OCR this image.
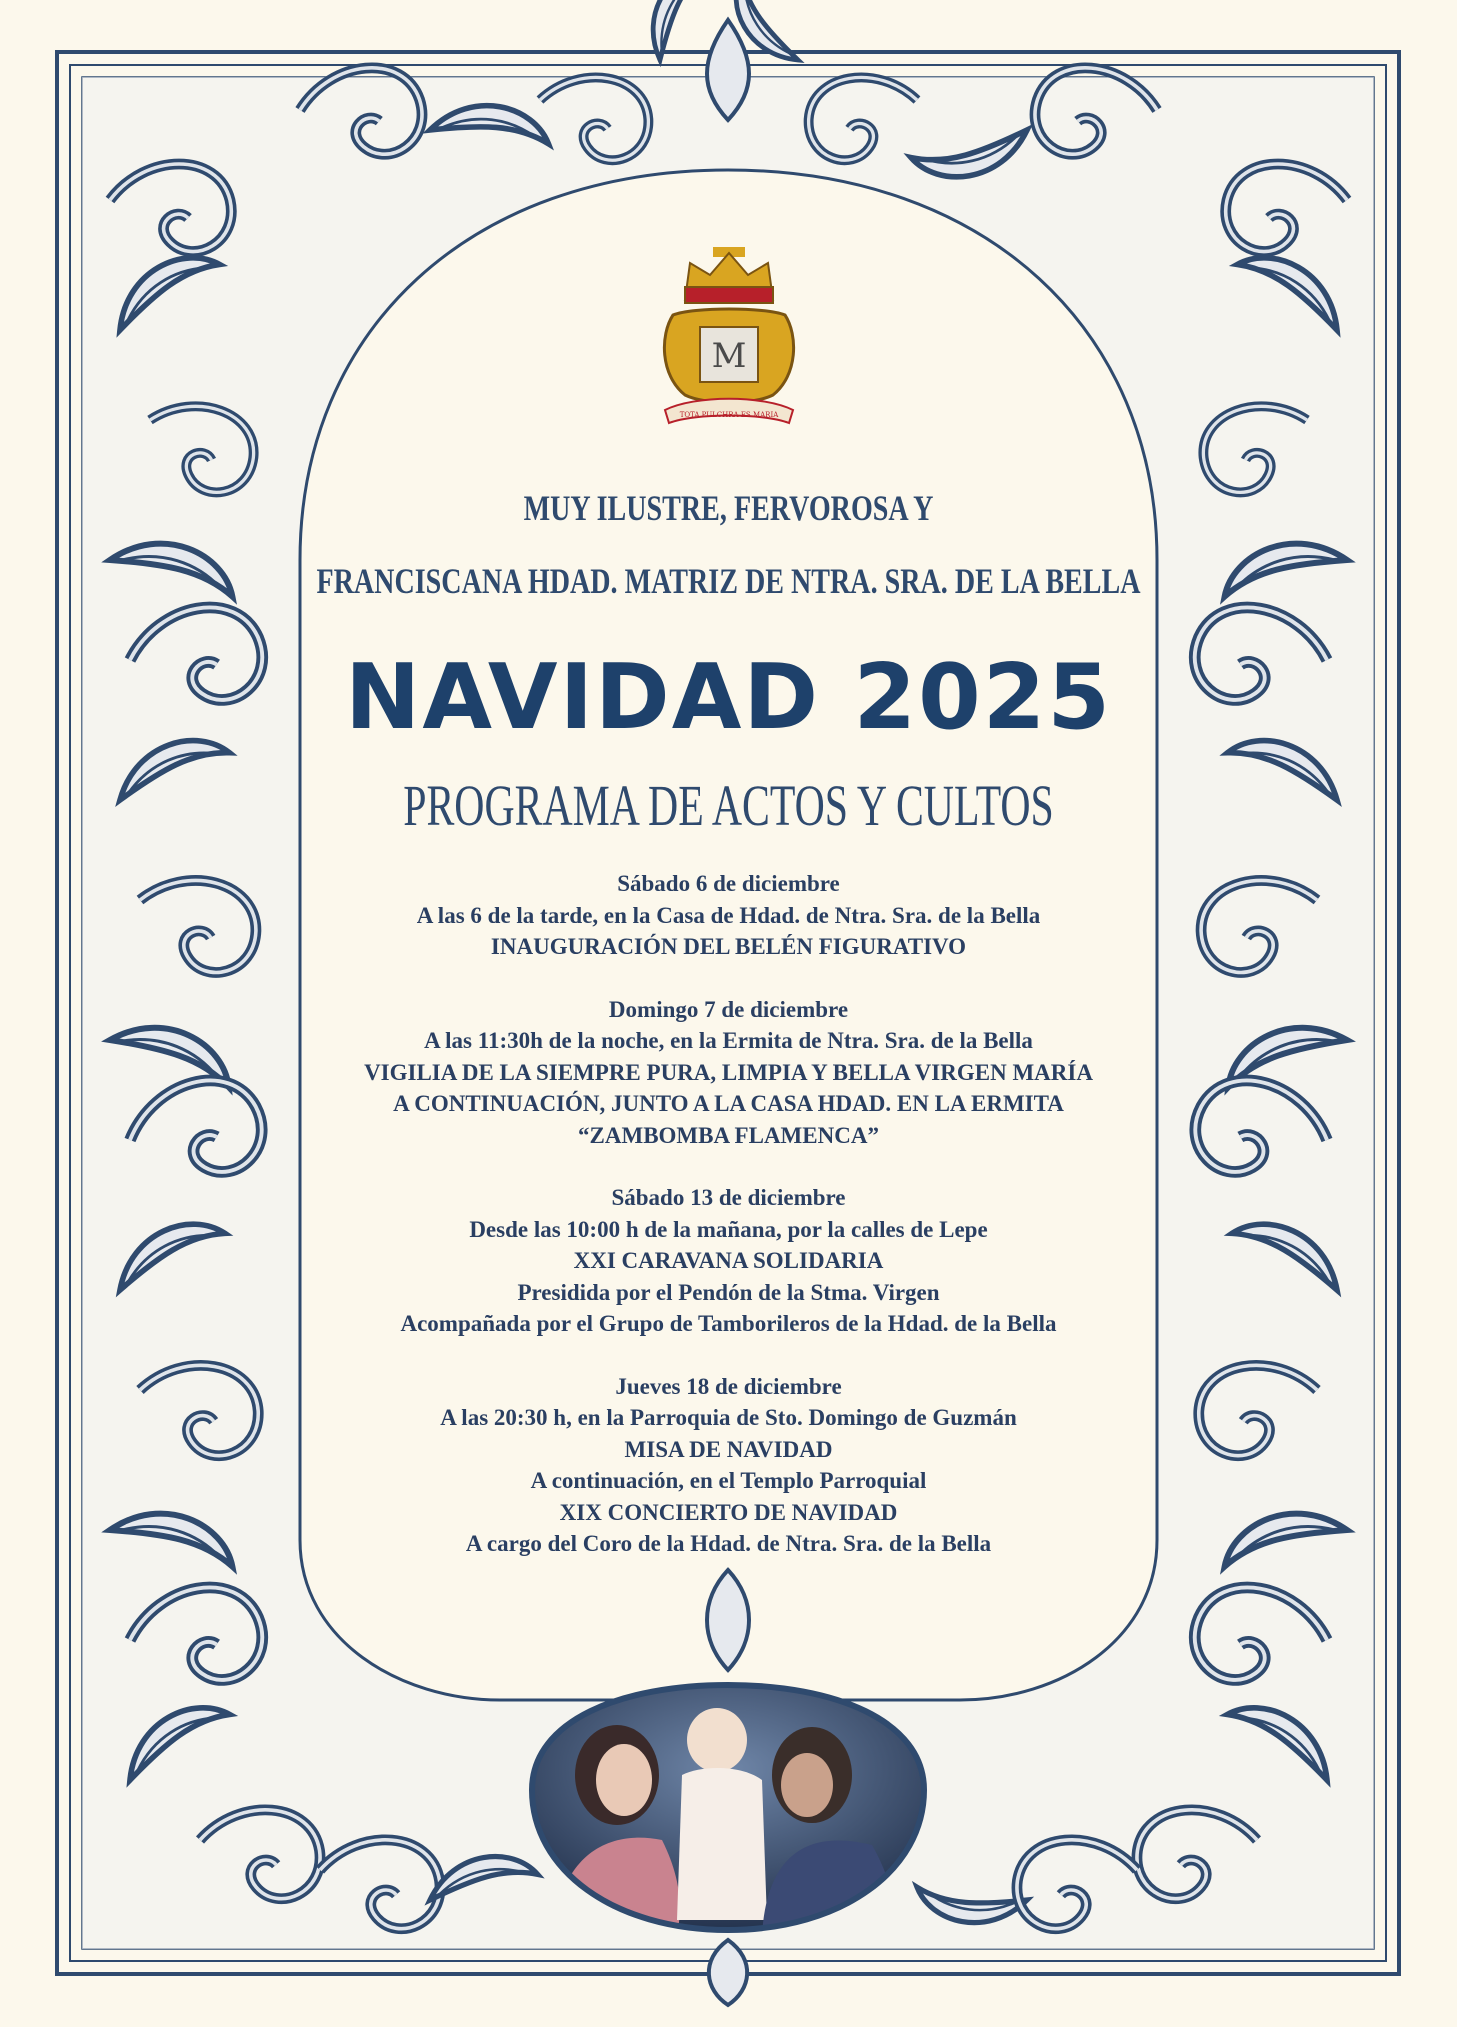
M
TOTA PULCHRA ES MARIA
MUY ILUSTRE, FERVOROSA Y
FRANCISCANA HDAD. MATRIZ DE NTRA. SRA. DE LA BELLA
NAVIDAD 2025
PROGRAMA DE ACTOS Y CULTOS
Sábado 6 de diciembre
A las 6 de la tarde, en la Casa de Hdad. de Ntra. Sra. de la Bella
INAUGURACIÓN DEL BELÉN FIGURATIVO
Domingo 7 de diciembre
A las 11:30h de la noche, en la Ermita de Ntra. Sra. de la Bella
VIGILIA DE LA SIEMPRE PURA, LIMPIA Y BELLA VIRGEN MARÍA
A CONTINUACIÓN, JUNTO A LA CASA HDAD. EN LA ERMITA
“ZAMBOMBA FLAMENCA”
Sábado 13 de diciembre
Desde las 10:00 h de la mañana, por la calles de Lepe
XXI CARAVANA SOLIDARIA
Presidida por el Pendón de la Stma. Virgen
Acompañada por el Grupo de Tamborileros de la Hdad. de la Bella
Jueves 18 de diciembre
A las 20:30 h, en la Parroquia de Sto. Domingo de Guzmán
MISA DE NAVIDAD
A continuación, en el Templo Parroquial
XIX CONCIERTO DE NAVIDAD
A cargo del Coro de la Hdad. de Ntra. Sra. de la Bella
